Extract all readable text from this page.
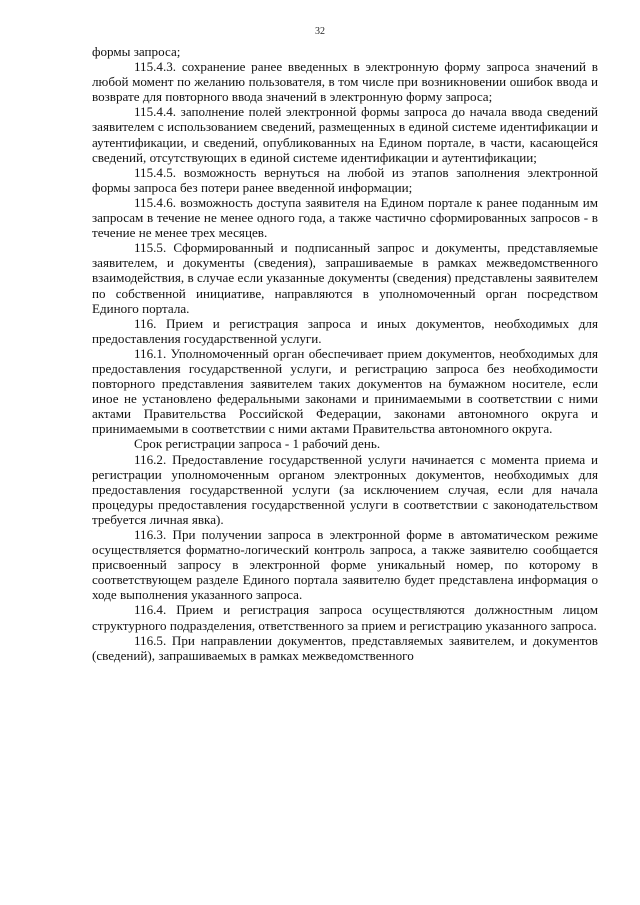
32

формы запроса;

115.4.3. сохранение ранее введенных в электронную форму запроса значений в любой момент по желанию пользователя, в том числе при возникновении ошибок ввода и возврате для повторного ввода значений в электронную форму запроса;

115.4.4. заполнение полей электронной формы запроса до начала ввода сведений заявителем с использованием сведений, размещенных в единой системе идентификации и аутентификации, и сведений, опубликованных на Едином портале, в части, касающейся сведений, отсутствующих в единой системе идентификации и аутентификации;

115.4.5. возможность вернуться на любой из этапов заполнения электронной формы запроса без потери ранее введенной информации;

115.4.6. возможность доступа заявителя на Едином портале к ранее поданным им запросам в течение не менее одного года, а также частично сформированных запросов - в течение не менее трех месяцев.

115.5. Сформированный и подписанный запрос и документы, представляемые заявителем, и документы (сведения), запрашиваемые в рамках межведомственного взаимодействия, в случае если указанные документы (сведения) представлены заявителем по собственной инициативе, направляются в уполномоченный орган посредством Единого портала.

116. Прием и регистрация запроса и иных документов, необходимых для предоставления государственной услуги.

116.1. Уполномоченный орган обеспечивает прием документов, необходимых для предоставления государственной услуги, и регистрацию запроса без необходимости повторного представления заявителем таких документов на бумажном носителе, если иное не установлено федеральными законами и принимаемыми в соответствии с ними актами Правительства Российской Федерации, законами автономного округа и принимаемыми в соответствии с ними актами Правительства автономного округа.

Срок регистрации запроса - 1 рабочий день.

116.2. Предоставление государственной услуги начинается с момента приема и регистрации уполномоченным органом электронных документов, необходимых для предоставления государственной услуги (за исключением случая, если для начала процедуры предоставления государственной услуги в соответствии с законодательством требуется личная явка).

116.3. При получении запроса в электронной форме в автоматическом режиме осуществляется форматно-логический контроль запроса, а также заявителю сообщается присвоенный запросу в электронной форме уникальный номер, по которому в соответствующем разделе Единого портала заявителю будет представлена информация о ходе выполнения указанного запроса.

116.4. Прием и регистрация запроса осуществляются должностным лицом структурного подразделения, ответственного за прием и регистрацию указанного запроса.

116.5. При направлении документов, представляемых заявителем, и документов (сведений), запрашиваемых в рамках межведомственного
